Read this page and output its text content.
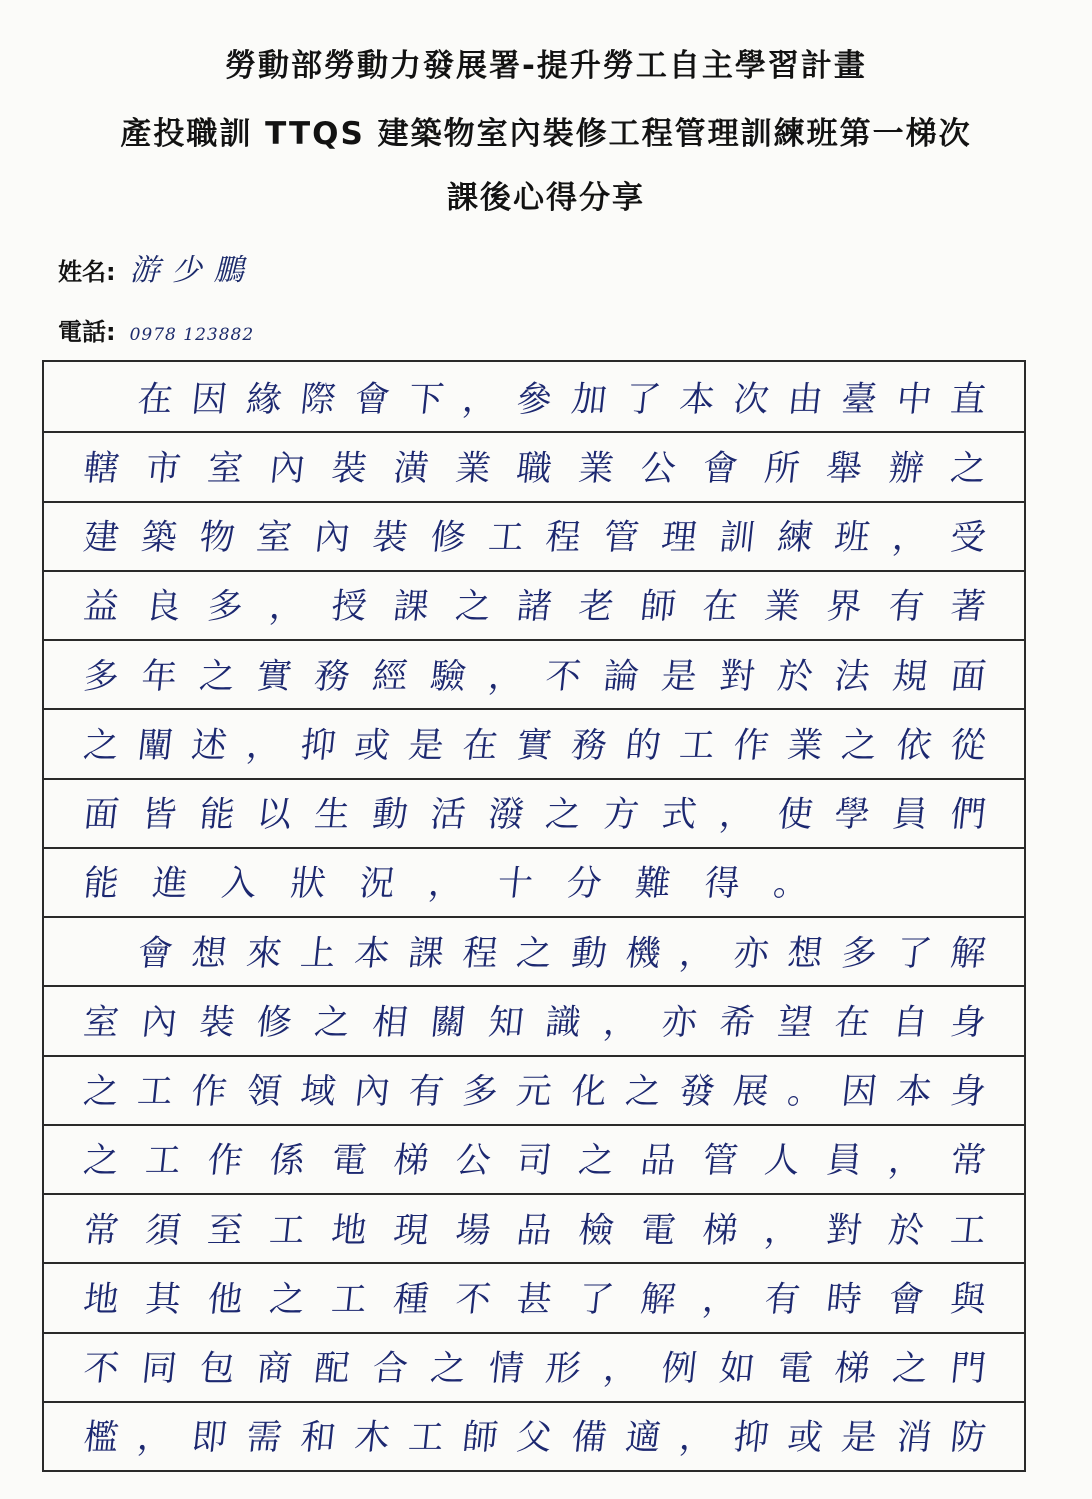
勞動部勞動力發展署-提升勞工自主學習計畫
產投職訓 TTQS 建築物室內裝修工程管理訓練班第一梯次
課後心得分享
姓名: 游少鵬
電話: 0978 123882

在 因 緣 際 會 下 ， 參 加 了 本 次 由 臺 中 直
轄 市 室 內 裝 潢 業 職 業 公 會 所 舉 辦 之
建 築 物 室 內 裝 修 工 程 管 理 訓 練 班 ， 受
益 良 多 ， 授 課 之 諸 老 師 在 業 界 有 著
多 年 之 實 務 經 驗 ， 不 論 是 對 於 法 規 面
之 闡 述 ， 抑 或 是 在 實 務 的 工 作 業 之 依 從
面 皆 能 以 生 動 活 潑 之 方 式 ， 使 學 員 們
能 進 入 狀 況 ， 十 分 難 得 。

會 想 來 上 本 課 程 之 動 機 ， 亦 想 多 了 解
室 內 裝 修 之 相 關 知 識 ， 亦 希 望 在 自 身
之 工 作 領 域 內 有 多 元 化 之 發 展 。 因 本 身
之 工 作 係 電 梯 公 司 之 品 管 人 員 ， 常
常 須 至 工 地 現 場 品 檢 電 梯 ， 對 於 工
地 其 他 之 工 種 不 甚 了 解 ， 有 時 會 與
不 同 包 商 配 合 之 情 形 ， 例 如 電 梯 之 門
檻 ， 即 需 和 木 工 師 父 備 適 ， 抑 或 是 消 防
